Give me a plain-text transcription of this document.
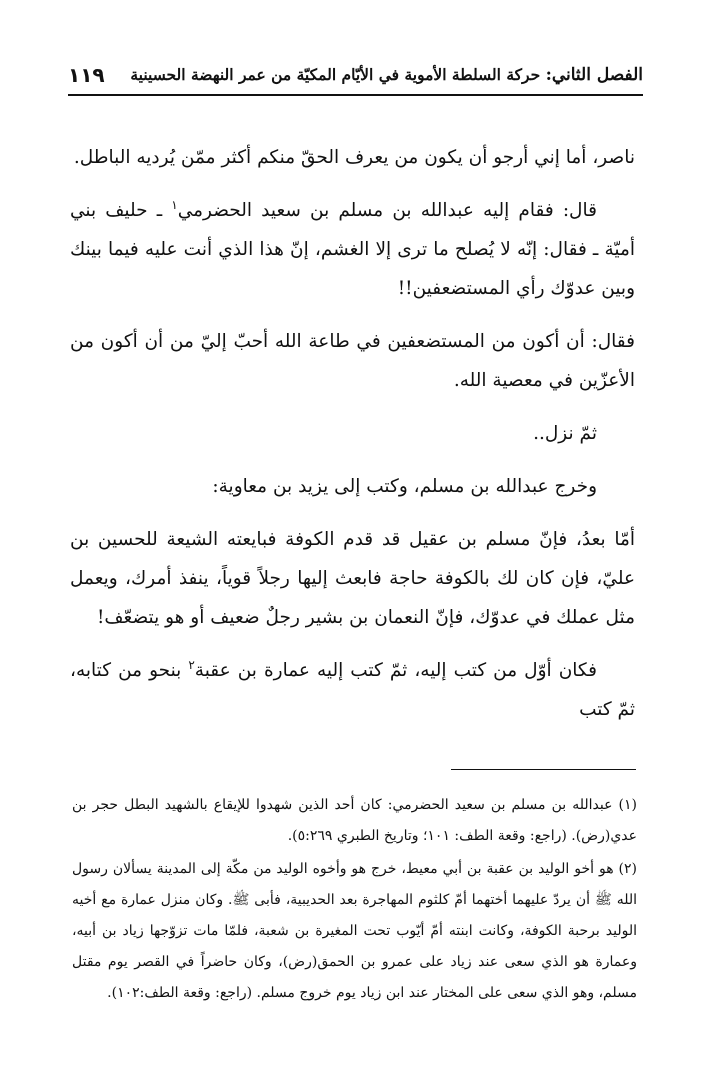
الفصل الثاني: حركة السلطة الأموية في الأيّام المكيّة من عمر النهضة الحسينية
١١٩

ناصر، أما إني أرجو أن يكون من يعرف الحقّ منكم أكثر ممّن يُرديه الباطل.

قال: فقام إليه عبدالله بن مسلم بن سعيد الحضرمي$^١$ ـ حليف بني أميّة ـ فقال: إنّه لا يُصلح ما ترى إلا الغشم، إنّ هذا الذي أنت عليه فيما بينك وبين عدوّك رأي المستضعفين!!

فقال: أن أكون من المستضعفين في طاعة الله أحبّ إليّ من أن أكون من الأعزّين في معصية الله.

ثمّ نزل..

وخرج عبدالله بن مسلم، وكتب إلى يزيد بن معاوية:

أمّا بعدُ، فإنّ مسلم بن عقيل قد قدم الكوفة فبايعته الشيعة للحسين بن عليّ، فإن كان لك بالكوفة حاجة فابعث إليها رجلاً قوياً، ينفذ أمرك، ويعمل مثل عملك في عدوّك، فإنّ النعمان بن بشير رجلٌ ضعيف أو هو يتضعّف!

فكان أوّل من كتب إليه، ثمّ كتب إليه عمارة بن عقبة$^٢$ بنحو من كتابه، ثمّ كتب

(١) عبدالله بن مسلم بن سعيد الحضرمي: كان أحد الذين شهدوا للإيقاع بالشهيد البطل حجر بن عدي(رض). (راجع: وقعة الطف: ١٠١؛ وتاريخ الطبري ٥:٢٦٩).

(٢) هو أخو الوليد بن عقبة بن أبي معيط، خرج هو وأخوه الوليد من مكّة إلى المدينة يسألان رسول الله ﷺ أن يردّ عليهما أختهما أمّ كلثوم المهاجرة بعد الحديبية، فأبى ﷺ. وكان منزل عمارة مع أخيه الوليد برحبة الكوفة، وكانت ابنته أمّ أيّوب تحت المغيرة بن شعبة، فلمّا مات تزوّجها زياد بن أبيه، وعمارة هو الذي سعى عند زياد على عمرو بن الحمق(رض)، وكان حاضراً في القصر يوم مقتل مسلم، وهو الذي سعى على المختار عند ابن زياد يوم خروج مسلم. (راجع: وقعة الطف:١٠٢).
